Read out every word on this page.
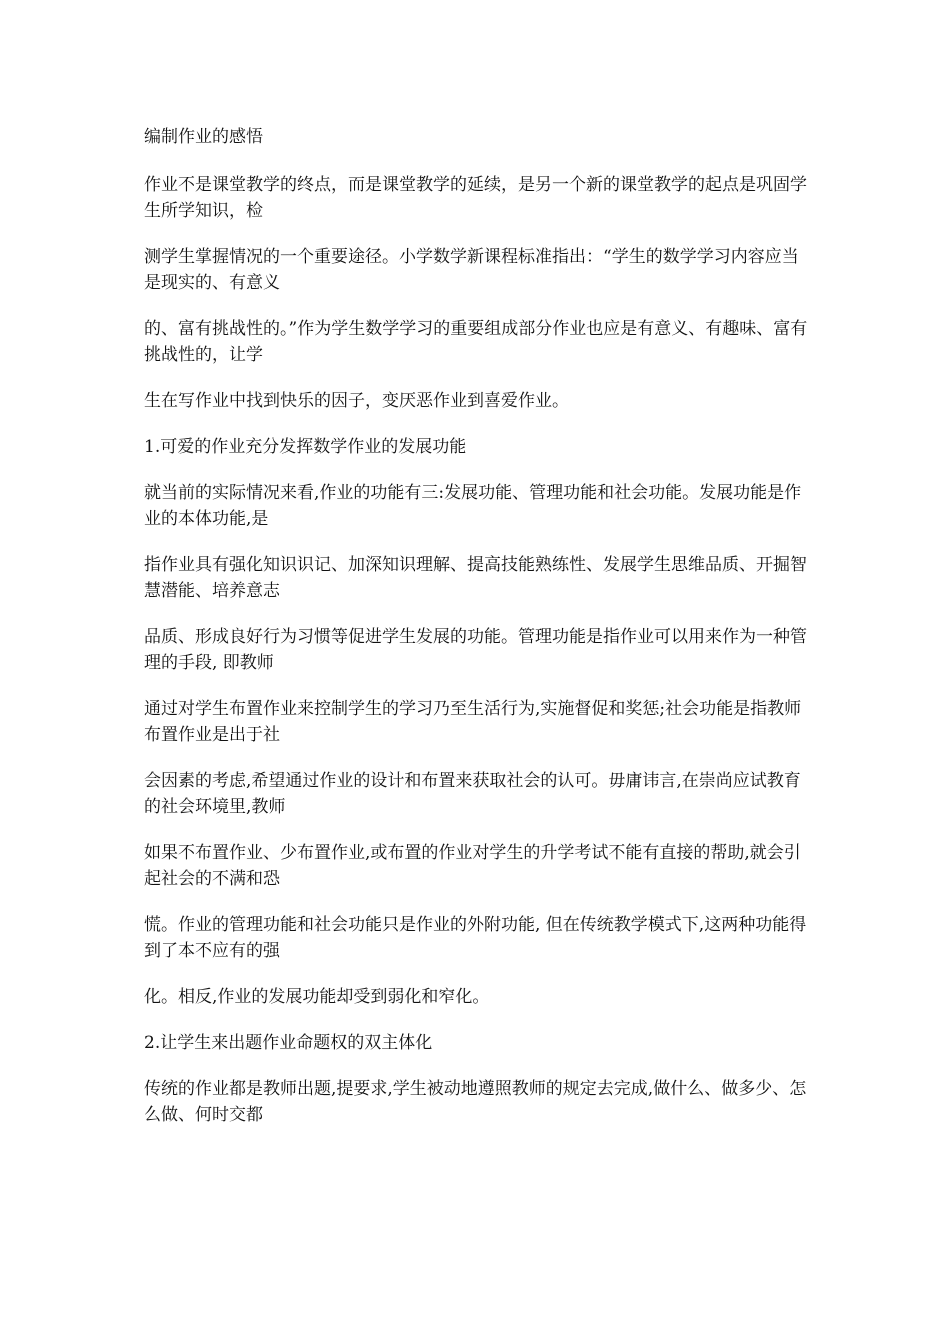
编制作业的感悟

作业不是课堂教学的终点，而是课堂教学的延续，是另一个新的课堂教学的起点是巩固学生所学知识，检

测学生掌握情况的一个重要途径。小学数学新课程标准指出：“学生的数学学习内容应当是现实的、有意义

的、富有挑战性的。”作为学生数学学习的重要组成部分作业也应是有意义、有趣味、富有挑战性的，让学

生在写作业中找到快乐的因子，变厌恶作业到喜爱作业。

1.可爱的作业充分发挥数学作业的发展功能

就当前的实际情况来看,作业的功能有三:发展功能、管理功能和社会功能。发展功能是作业的本体功能,是

指作业具有强化知识识记、加深知识理解、提高技能熟练性、发展学生思维品质、开掘智慧潜能、培养意志

品质、形成良好行为习惯等促进学生发展的功能。管理功能是指作业可以用来作为一种管理的手段, 即教师

通过对学生布置作业来控制学生的学习乃至生活行为,实施督促和奖惩;社会功能是指教师布置作业是出于社

会因素的考虑,希望通过作业的设计和布置来获取社会的认可。毋庸讳言,在崇尚应试教育的社会环境里,教师

如果不布置作业、少布置作业,或布置的作业对学生的升学考试不能有直接的帮助,就会引起社会的不满和恐

慌。作业的管理功能和社会功能只是作业的外附功能, 但在传统教学模式下,这两种功能得到了本不应有的强

化。相反,作业的发展功能却受到弱化和窄化。

2.让学生来出题作业命题权的双主体化

传统的作业都是教师出题,提要求,学生被动地遵照教师的规定去完成,做什么、做多少、怎么做、何时交都
